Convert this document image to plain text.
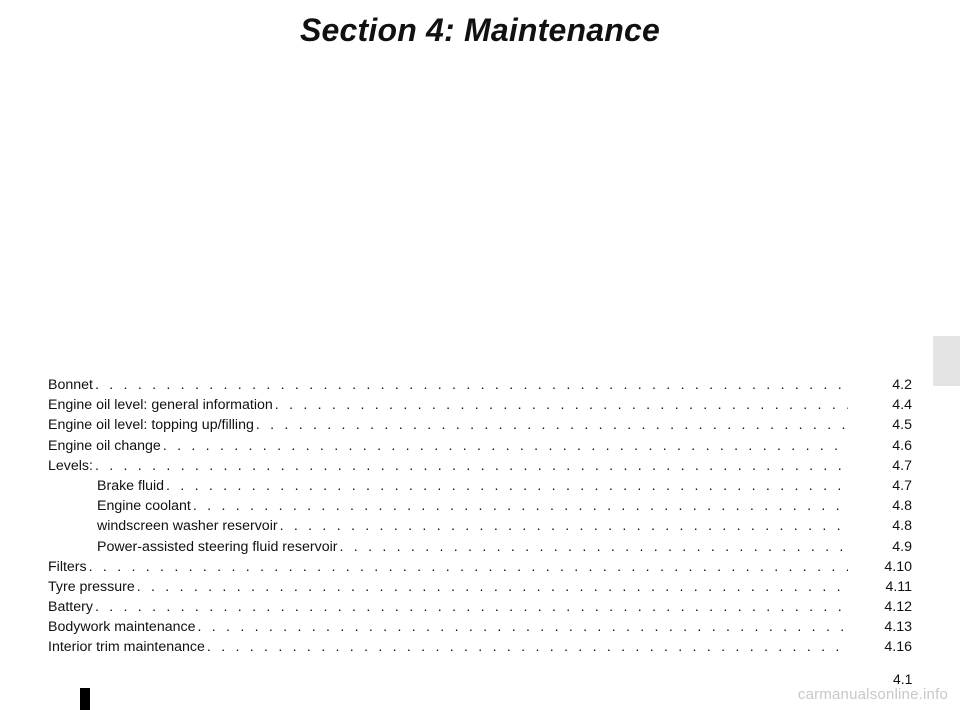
Section 4: Maintenance
Bonnet . . .	4.2
Engine oil level: general information . . .	4.4
Engine oil level: topping up/filling . . .	4.5
Engine oil change . . .	4.6
Levels: . . .	4.7
Brake fluid . . .	4.7
Engine coolant . . .	4.8
windscreen washer reservoir . . .	4.8
Power-assisted steering fluid reservoir . . .	4.9
Filters . . .	4.10
Tyre pressure . . .	4.11
Battery . . .	4.12
Bodywork maintenance . . .	4.13
Interior trim maintenance . . .	4.16
4.1
carmanualsonline.info
